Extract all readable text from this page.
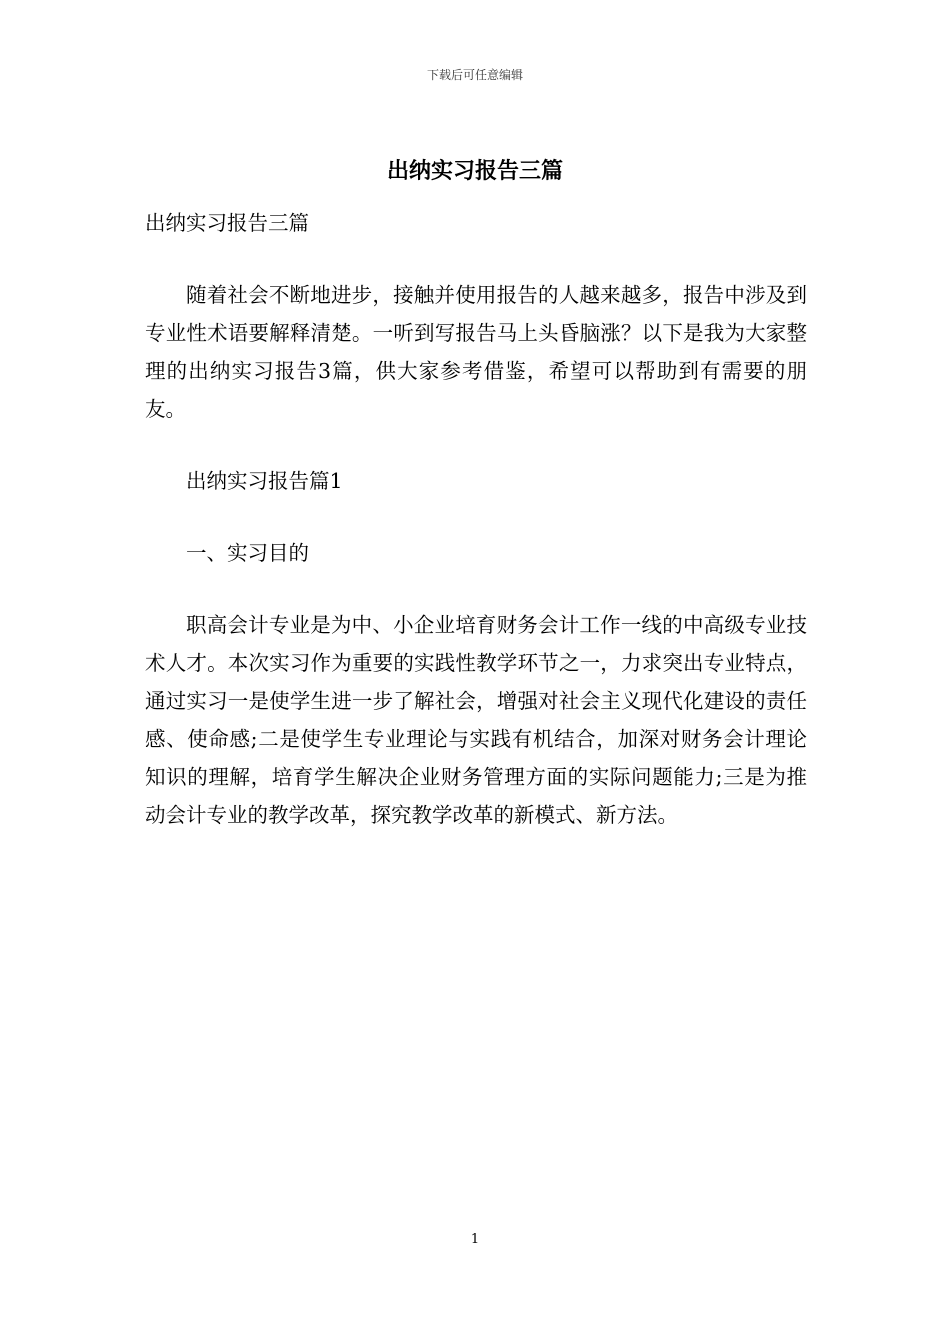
下载后可任意编辑
出纳实习报告三篇

出纳实习报告三篇

随着社会不断地进步，接触并使用报告的人越来越多，报告中涉及到专业性术语要解释清楚。一听到写报告马上头昏脑涨？以下是我为大家整理的出纳实习报告3篇，供大家参考借鉴，希望可以帮助到有需要的朋友。

出纳实习报告篇1

一、实习目的

职高会计专业是为中、小企业培育财务会计工作一线的中高级专业技术人才。本次实习作为重要的实践性教学环节之一，力求突出专业特点，通过实习一是使学生进一步了解社会，增强对社会主义现代化建设的责任感、使命感;二是使学生专业理论与实践有机结合，加深对财务会计理论知识的理解，培育学生解决企业财务管理方面的实际问题能力;三是为推动会计专业的教学改革，探究教学改革的新模式、新方法。

1
